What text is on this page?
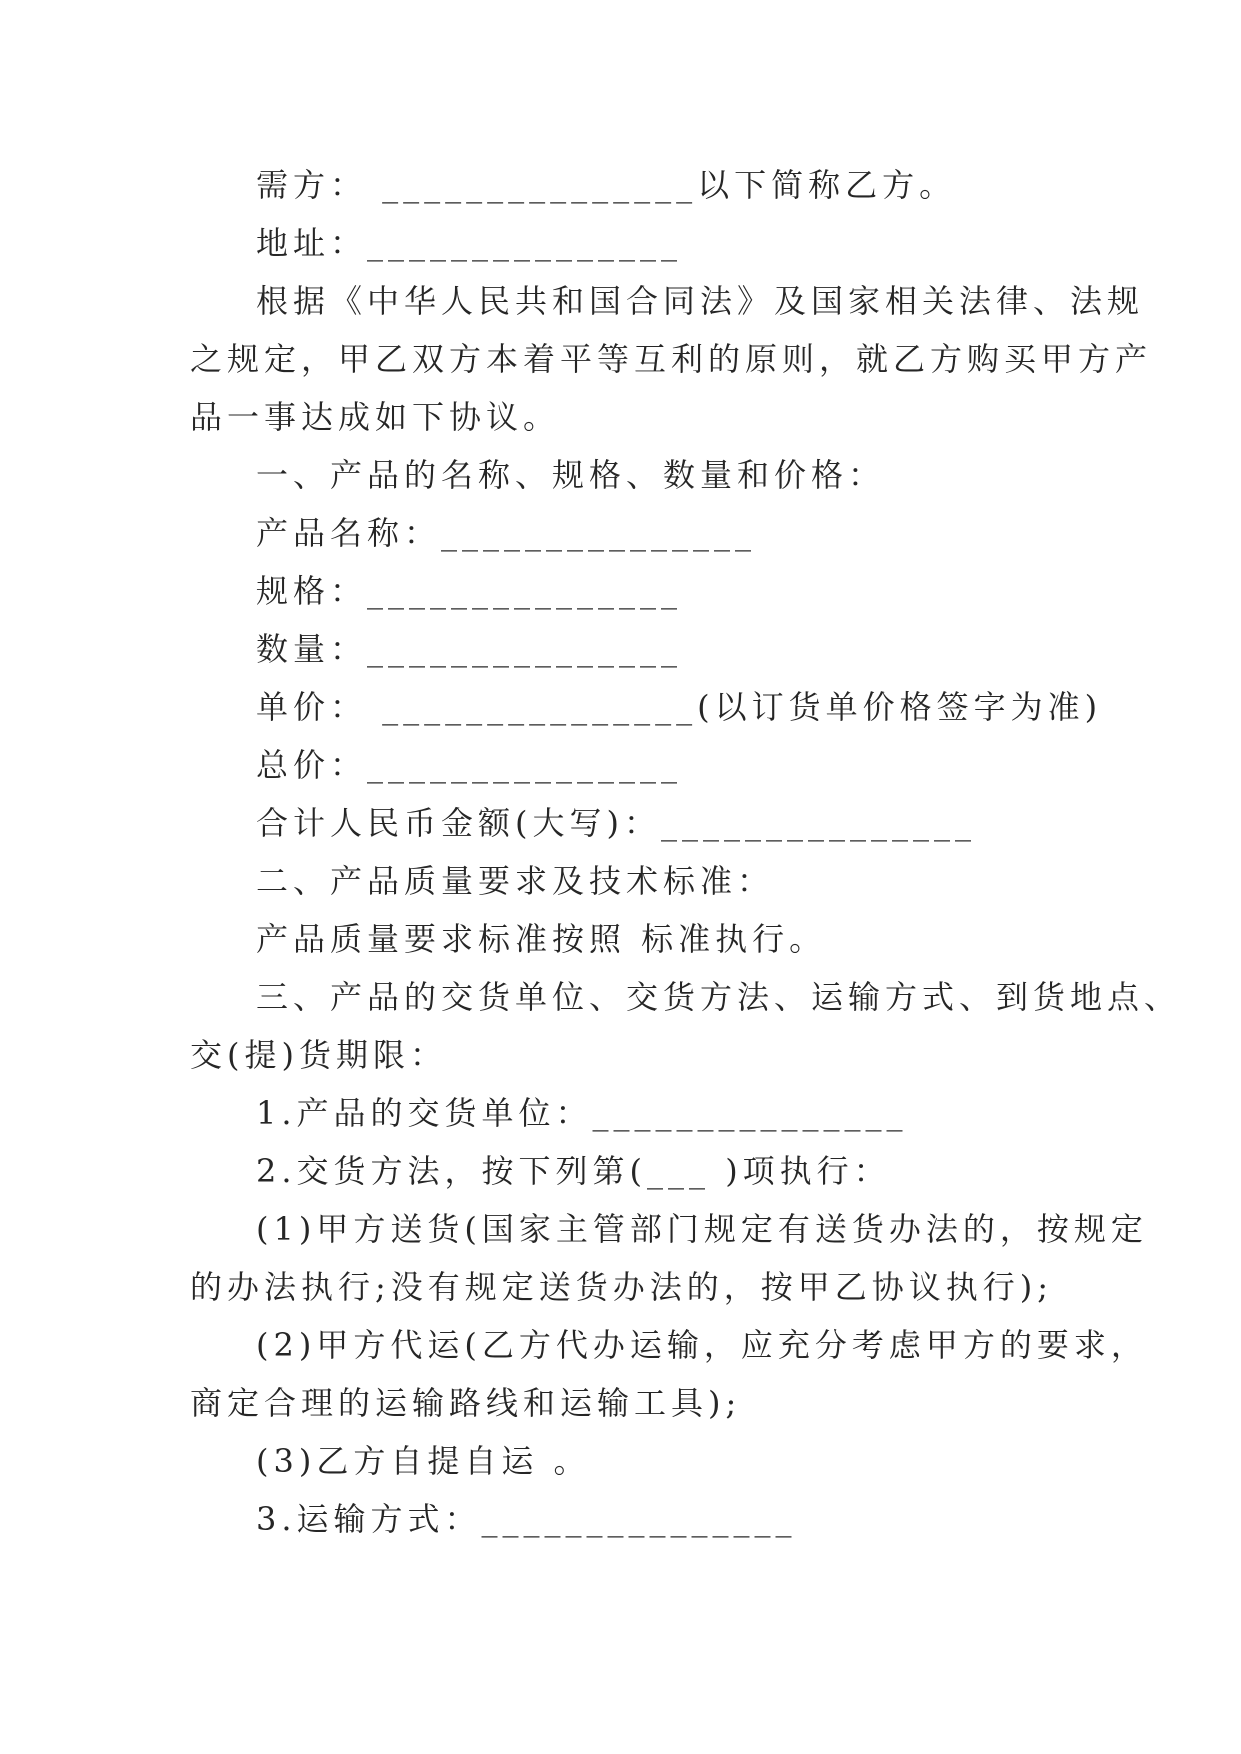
需方： _______________以下简称乙方。
地址：_______________
根据《中华人民共和国合同法》及国家相关法律、法规
之规定，甲乙双方本着平等互利的原则，就乙方购买甲方产
品一事达成如下协议。
一、产品的名称、规格、数量和价格：
产品名称：_______________
规格：_______________
数量：_______________
单价： _______________(以订货单价格签字为准)
总价：_______________
合计人民币金额(大写)：_______________
二、产品质量要求及技术标准：
产品质量要求标准按照 标准执行。
三、产品的交货单位、交货方法、运输方式、到货地点、
交(提)货期限：
1.产品的交货单位：_______________
2.交货方法，按下列第(___ )项执行：
(1)甲方送货(国家主管部门规定有送货办法的，按规定
的办法执行;没有规定送货办法的，按甲乙协议执行);
(2)甲方代运(乙方代办运输，应充分考虑甲方的要求，
商定合理的运输路线和运输工具);
(3)乙方自提自运 。
3.运输方式：_______________
